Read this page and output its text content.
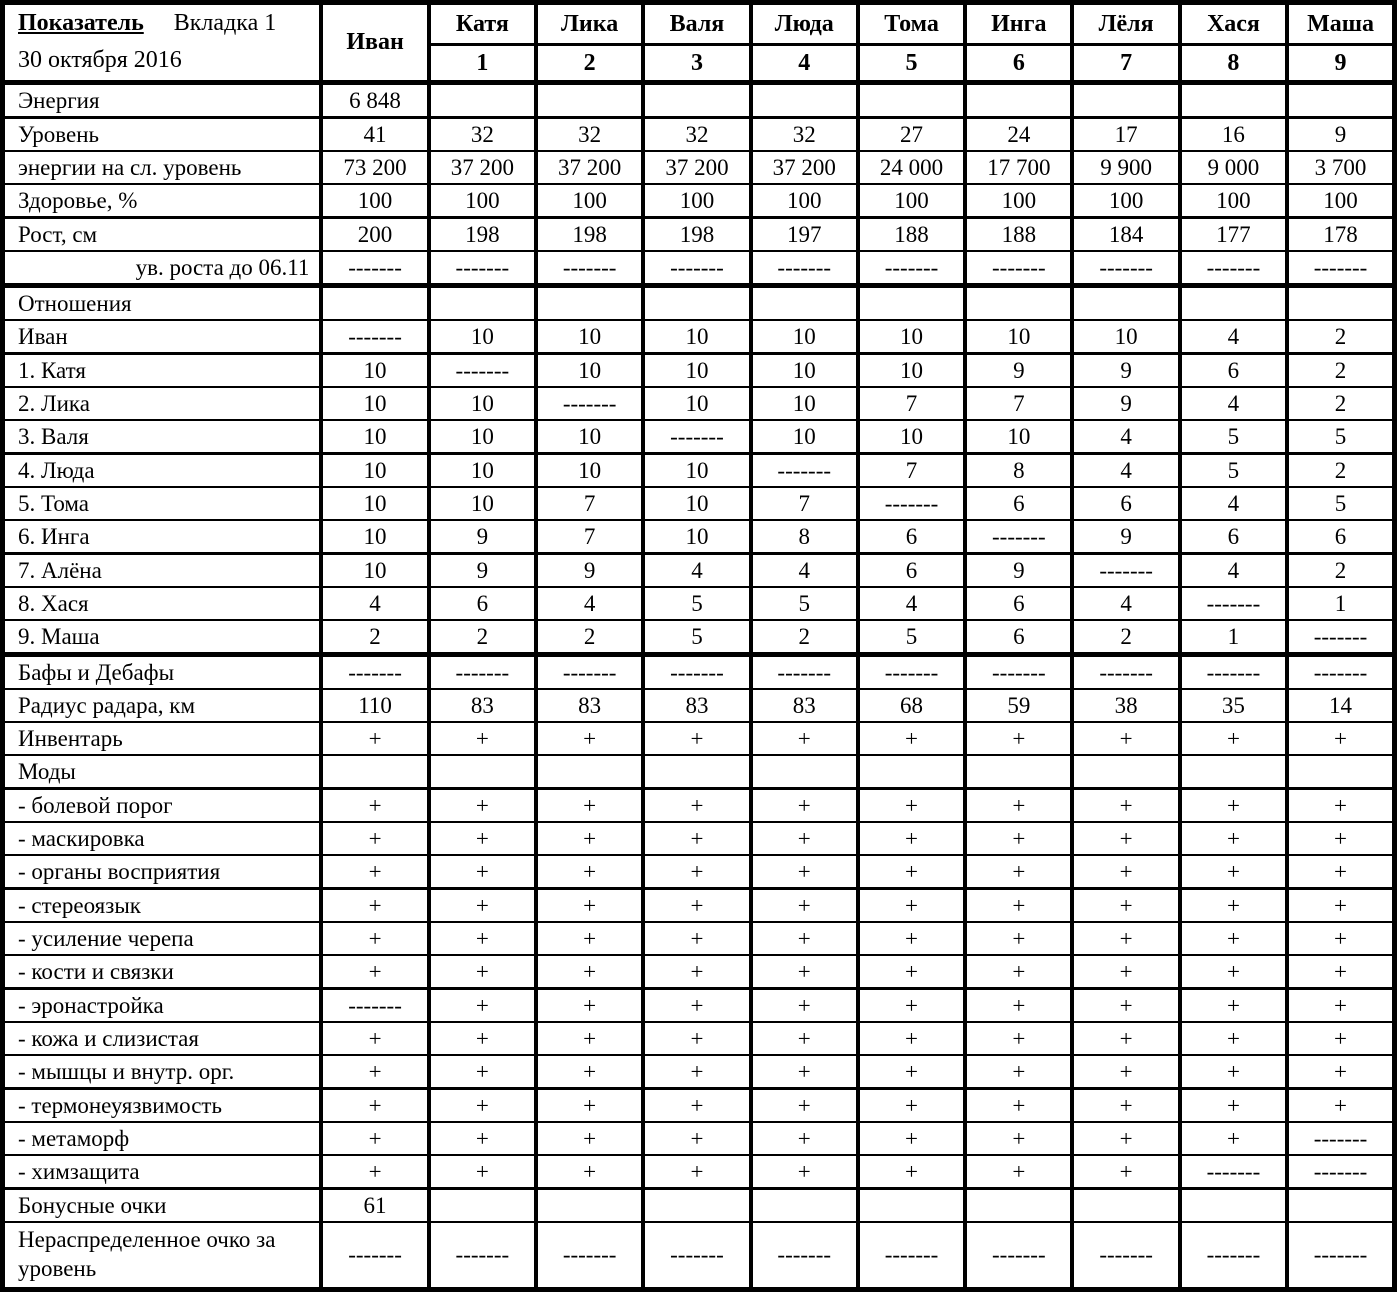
Показатель Вкладка 1
30 октября 2016	Иван	Катя	Лика	Валя	Люда	Тома	Инга	Лёля	Хася	Маша
		1	2	3	4	5	6	7	8	9
Энергия	6 848									
Уровень	41	32	32	32	32	27	24	17	16	9
энергии на сл. уровень	73 200	37 200	37 200	37 200	37 200	24 000	17 700	9 900	9 000	3 700
Здоровье, %	100	100	100	100	100	100	100	100	100	100
Рост, см	200	198	198	198	197	188	188	184	177	178
ув. роста до 06.11	-------	-------	-------	-------	-------	-------	-------	-------	-------	-------
Отношения										
Иван	-------	10	10	10	10	10	10	10	4	2
1. Катя	10	-------	10	10	10	10	9	9	6	2
2. Лика	10	10	-------	10	10	7	7	9	4	2
3. Валя	10	10	10	-------	10	10	10	4	5	5
4. Люда	10	10	10	10	-------	7	8	4	5	2
5. Тома	10	10	7	10	7	-------	6	6	4	5
6. Инга	10	9	7	10	8	6	-------	9	6	6
7. Алёна	10	9	9	4	4	6	9	-------	4	2
8. Хася	4	6	4	5	5	4	6	4	-------	1
9. Маша	2	2	2	5	2	5	6	2	1	-------
Бафы и Дебафы	-------	-------	-------	-------	-------	-------	-------	-------	-------	-------
Радиус радара, км	110	83	83	83	83	68	59	38	35	14
Инвентарь	+	+	+	+	+	+	+	+	+	+
Моды										
- болевой порог	+	+	+	+	+	+	+	+	+	+
- маскировка	+	+	+	+	+	+	+	+	+	+
- органы восприятия	+	+	+	+	+	+	+	+	+	+
- стереоязык	+	+	+	+	+	+	+	+	+	+
- усиление черепа	+	+	+	+	+	+	+	+	+	+
- кости и связки	+	+	+	+	+	+	+	+	+	+
- эронастройка	-------	+	+	+	+	+	+	+	+	+
- кожа и слизистая	+	+	+	+	+	+	+	+	+	+
- мышцы и внутр. орг.	+	+	+	+	+	+	+	+	+	+
- термонеуязвимость	+	+	+	+	+	+	+	+	+	+
- метаморф	+	+	+	+	+	+	+	+	+	-------
- химзащита	+	+	+	+	+	+	+	+	-------	-------
Бонусные очки	61									
Нераспределенное очко за уровень	-------	-------	-------	-------	-------	-------	-------	-------	-------	-------
